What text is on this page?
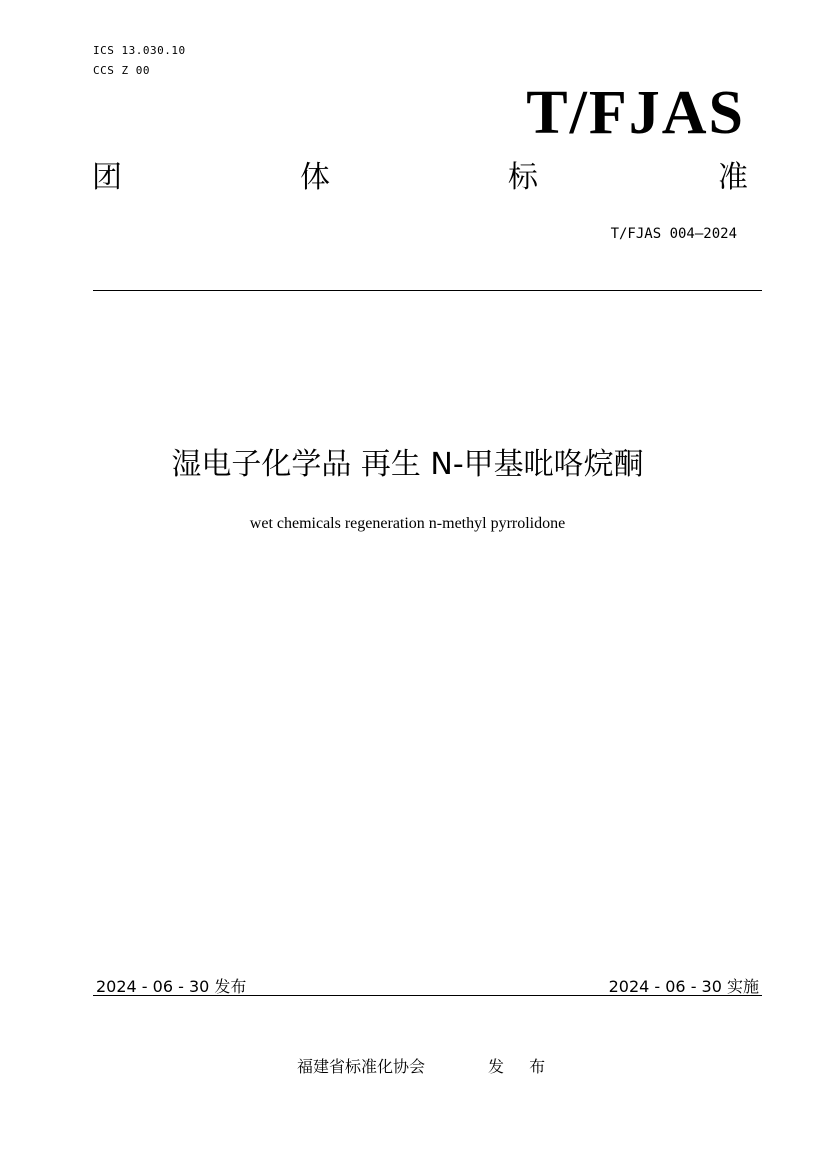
ICS 13.030.10
CCS Z 00
T/FJAS
团	体	标	准
T/FJAS 004—2024
湿电子化学品 再生 N-甲基吡咯烷酮
wet chemicals regeneration n-methyl pyrrolidone
2024 - 06 - 30 发布	2024 - 06 - 30 实施
福建省标准化协会	发 布
